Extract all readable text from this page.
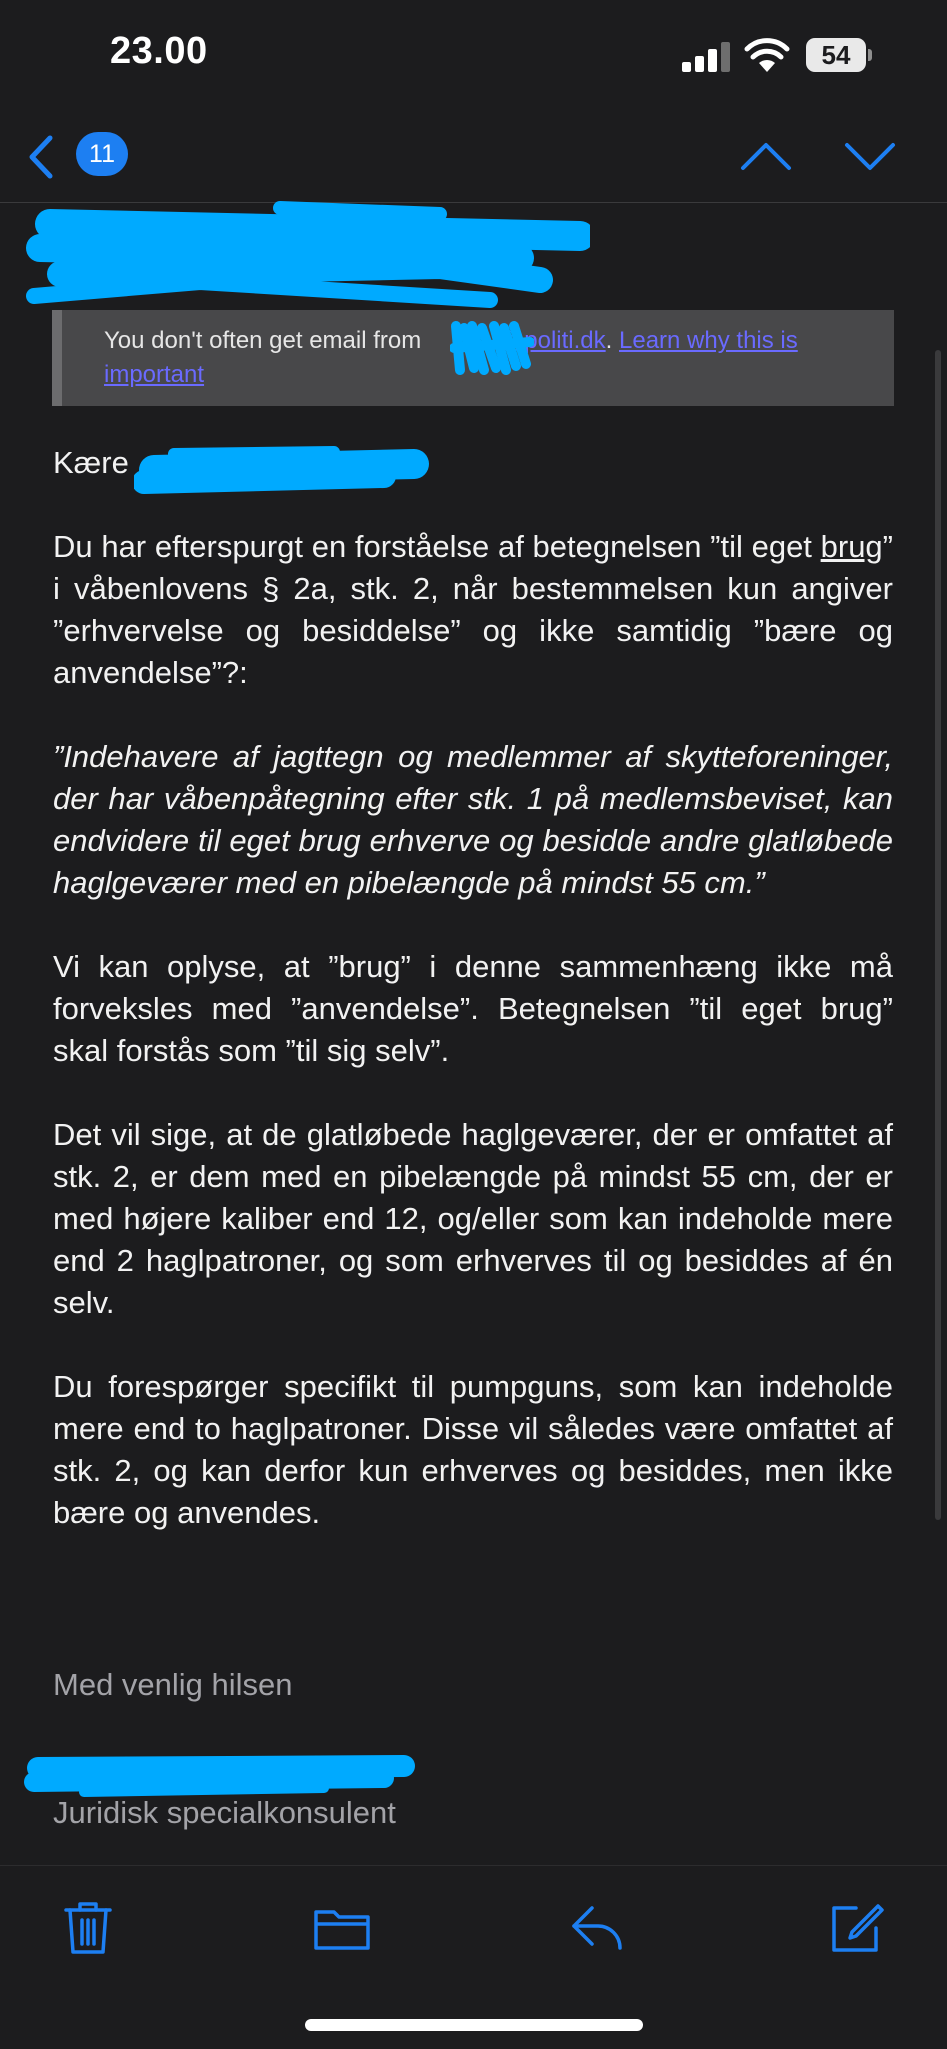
23.00	54
11
You don't often get email from	@politi.dk. Learn why this is important

Kære

Du har efterspurgt en forståelse af betegnelsen ”til eget brug” i våbenlovens § 2a, stk. 2, når bestemmelsen kun angiver ”erhvervelse og besiddelse” og ikke samtidig ”bære og anvendelse”?:

”Indehavere af jagttegn og medlemmer af skytteforeninger, der har våbenpåtegning efter stk. 1 på medlemsbeviset, kan endvidere til eget brug erhverve og besidde andre glatløbede haglgeværer med en pibelængde på mindst 55 cm.”

Vi kan oplyse, at ”brug” i denne sammenhæng ikke må forveksles med ”anvendelse”. Betegnelsen ”til eget brug” skal forstås som ”til sig selv”.

Det vil sige, at de glatløbede haglgeværer, der er omfattet af stk. 2, er dem med en pibelængde på mindst 55 cm, der er med højere kaliber end 12, og/eller som kan indeholde mere end 2 haglpatroner, og som erhverves til og besiddes af én selv.

Du forespørger specifikt til pumpguns, som kan indeholde mere end to haglpatroner. Disse vil således være omfattet af stk. 2, og kan derfor kun erhverves og besiddes, men ikke bære og anvendes.

Med venlig hilsen
Juridisk specialkonsulent
